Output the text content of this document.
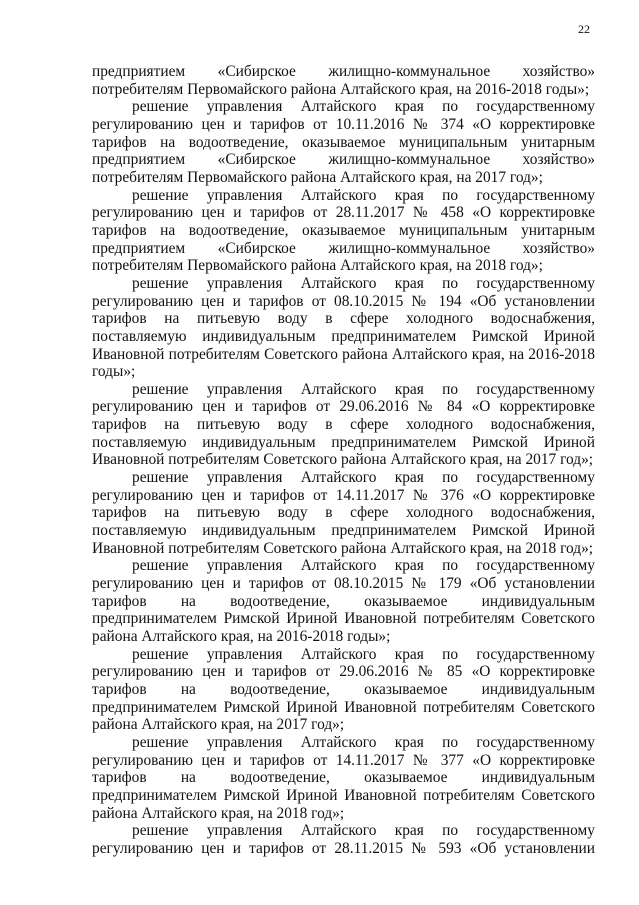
22

предприятием «Сибирское жилищно-коммунальное хозяйство» потребителям Первомайского района Алтайского края, на 2016-2018 годы»;

решение управления Алтайского края по государственному регулированию цен и тарифов от 10.11.2016 № 374 «О корректировке тарифов на водоотведение, оказываемое муниципальным унитарным предприятием «Сибирское жилищно-коммунальное хозяйство» потребителям Первомайского района Алтайского края, на 2017 год»;

решение управления Алтайского края по государственному регулированию цен и тарифов от 28.11.2017 № 458 «О корректировке тарифов на водоотведение, оказываемое муниципальным унитарным предприятием «Сибирское жилищно-коммунальное хозяйство» потребителям Первомайского района Алтайского края, на 2018 год»;

решение управления Алтайского края по государственному регулированию цен и тарифов от 08.10.2015 № 194 «Об установлении тарифов на питьевую воду в сфере холодного водоснабжения, поставляемую индивидуальным предпринимателем Римской Ириной Ивановной потребителям Советского района Алтайского края, на 2016-2018 годы»;

решение управления Алтайского края по государственному регулированию цен и тарифов от 29.06.2016 № 84 «О корректировке тарифов на питьевую воду в сфере холодного водоснабжения, поставляемую индивидуальным предпринимателем Римской Ириной Ивановной потребителям Советского района Алтайского края, на 2017 год»;

решение управления Алтайского края по государственному регулированию цен и тарифов от 14.11.2017 № 376 «О корректировке тарифов на питьевую воду в сфере холодного водоснабжения, поставляемую индивидуальным предпринимателем Римской Ириной Ивановной потребителям Советского района Алтайского края, на 2018 год»;

решение управления Алтайского края по государственному регулированию цен и тарифов от 08.10.2015 № 179 «Об установлении тарифов на водоотведение, оказываемое индивидуальным предпринимателем Римской Ириной Ивановной потребителям Советского района Алтайского края, на 2016-2018 годы»;

решение управления Алтайского края по государственному регулированию цен и тарифов от 29.06.2016 № 85 «О корректировке тарифов на водоотведение, оказываемое индивидуальным предпринимателем Римской Ириной Ивановной потребителям Советского района Алтайского края, на 2017 год»;

решение управления Алтайского края по государственному регулированию цен и тарифов от 14.11.2017 № 377 «О корректировке тарифов на водоотведение, оказываемое индивидуальным предпринимателем Римской Ириной Ивановной потребителям Советского района Алтайского края, на 2018 год»;

решение управления Алтайского края по государственному регулированию цен и тарифов от 28.11.2015 № 593 «Об установлении
